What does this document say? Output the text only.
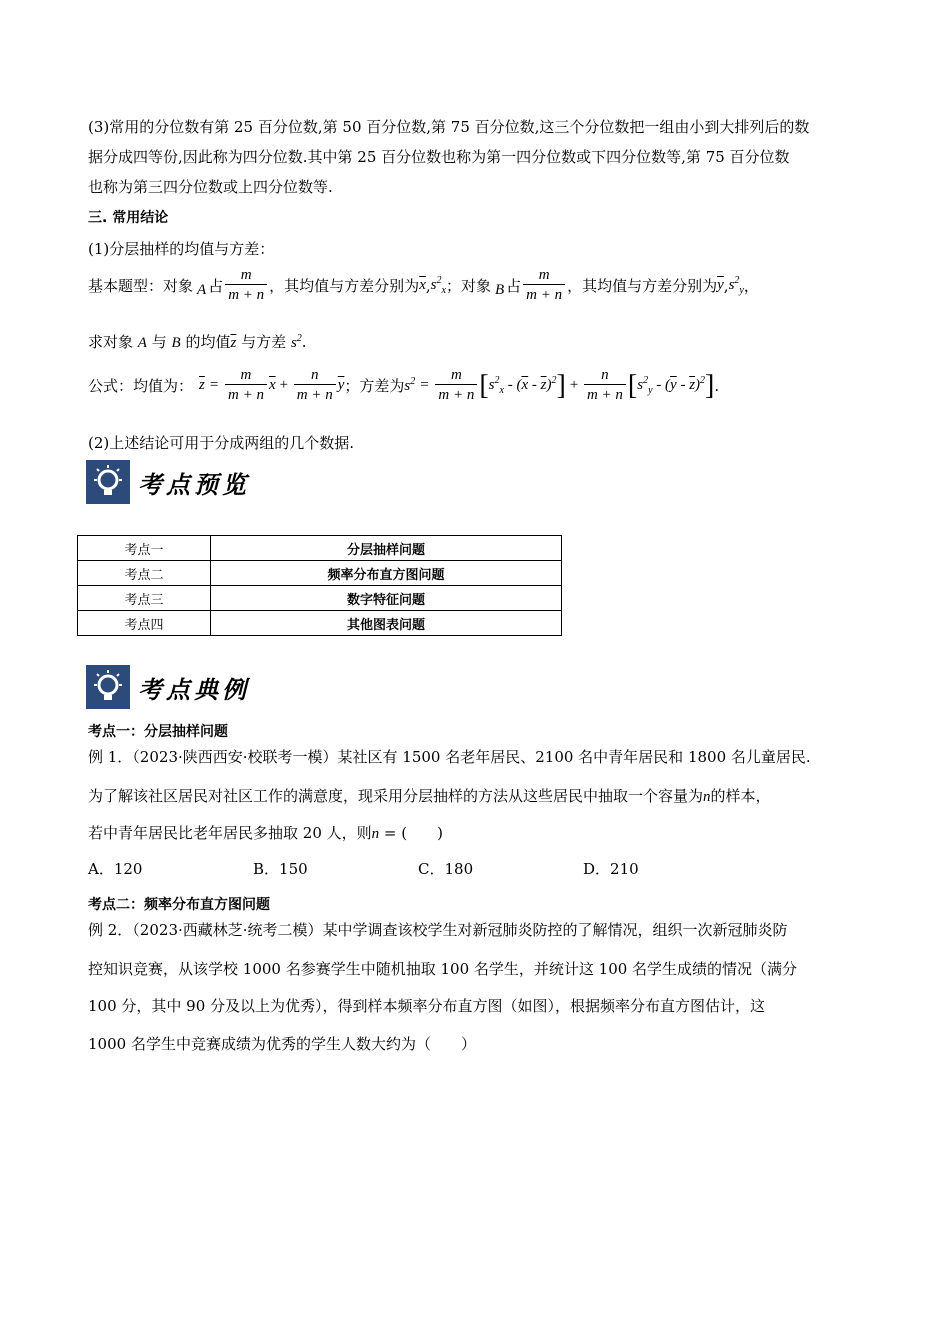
(3)常用的分位数有第 25 百分位数,第 50 百分位数,第 75 百分位数,这三个分位数把一组由小到大排列后的数
据分成四等份,因此称为四分位数.其中第 25 百分位数也称为第一四分位数或下四分位数等,第 75 百分位数
也称为第三四分位数或上四分位数等.
三. 常用结论
(1)分层抽样的均值与方差：
基本题型：对象 A 占 $\frac{m}{m + n}$ ，其均值与方差分别为 $\overline{x}$ , $s^2_x$ ；对象 B 占 $\frac{m}{m + n}$ ，其均值与方差分别为 $\overline{y}$ , $s^2_y$ ，
求对象 A 与 B 的均值$\overline{z}$ 与方差 $s^2$.
公式：均值为： $\overline{z} = \frac{m}{m + n} \overline{x} + \frac{n}{m + n} \overline{y}$ ；方差为 $s^2 = \frac{m}{m + n}$ [ $s^2_x - (\overline{x} - \overline{z})^2$ ] + $\frac{n}{m + n}$ [ $s^2_y - (\overline{y} - \overline{z})^2$ ] .
(2)上述结论可用于分成两组的几个数据.
考点预览
考点一	分层抽样问题
考点二	频率分布直方图问题
考点三	数字特征问题
考点四	其他图表问题
考点典例
考点一：分层抽样问题
例 1．（2023·陕西西安·校联考一模）某社区有 1500 名老年居民、2100 名中青年居民和 1800 名儿童居民.
为了解该社区居民对社区工作的满意度，现采用分层抽样的方法从这些居民中抽取一个容量为n的样本，
若中青年居民比老年居民多抽取 20 人，则n = (　　)
A．120	B．150	C．180	D．210
考点二：频率分布直方图问题
例 2．（2023·西藏林芝·统考二模）某中学调查该校学生对新冠肺炎防控的了解情况，组织一次新冠肺炎防
控知识竞赛，从该学校 1000 名参赛学生中随机抽取 100 名学生，并统计这 100 名学生成绩的情况（满分
100 分，其中 90 分及以上为优秀），得到样本频率分布直方图（如图），根据频率分布直方图估计，这
1000 名学生中竞赛成绩为优秀的学生人数大约为（　　）
